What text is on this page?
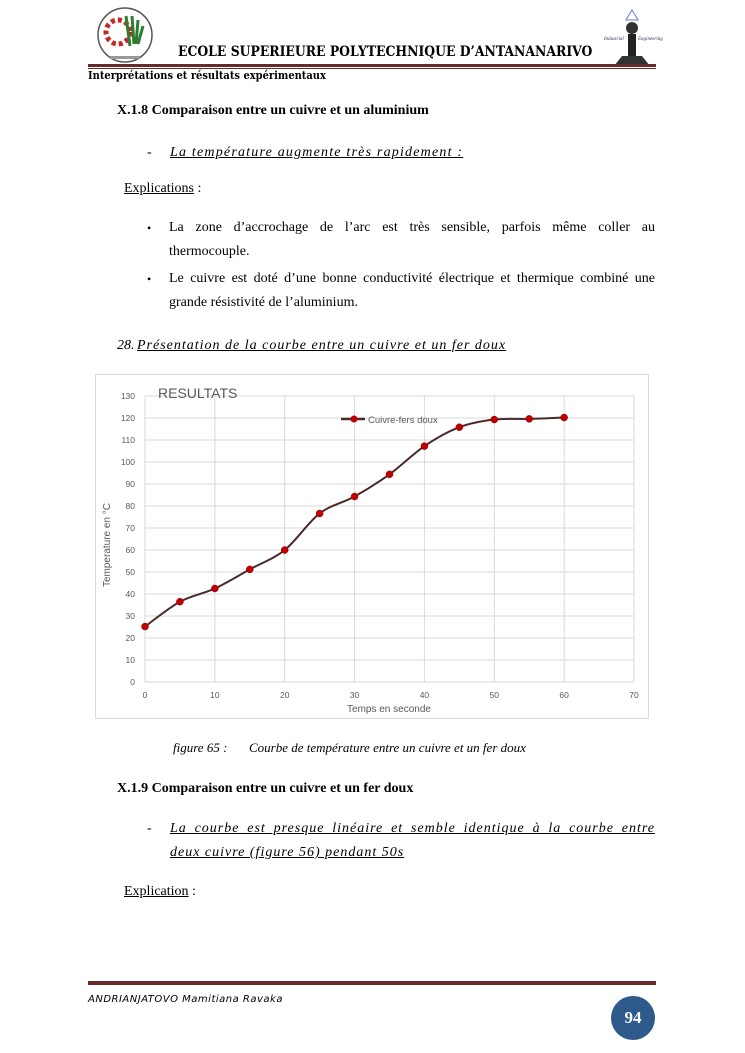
Industrial	Engineering
ECOLE SUPERIEURE POLYTECHNIQUE D’ANTANANARIVO
Interprétations et résultats expérimentaux
X.1.8 Comparaison entre un cuivre et un aluminium
- La température augmente très rapidement :
Explications :
• La zone d’accrochage de l’arc est très sensible, parfois même coller au
thermocouple.
• Le cuivre est doté d’une bonne conductivité électrique et thermique combiné une
grande résistivité de l’aluminium.
28. Présentation de la courbe entre un cuivre et un fer doux
0
10
20
30
40
50
60
70
80
90
100
110
120
130
0	10	20	30	40	50	60	70
RESULTATS
Cuivre-fers doux
Temps en seconde
Temperature en °C
figure 65 : Courbe de température entre un cuivre et un fer doux
X.1.9 Comparaison entre un cuivre et un fer doux
- La courbe est presque linéaire et semble identique à la courbe entre
deux cuivre (figure 56) pendant 50s
Explication :
ANDRIANJATOVO Mamitiana Ravaka
94
